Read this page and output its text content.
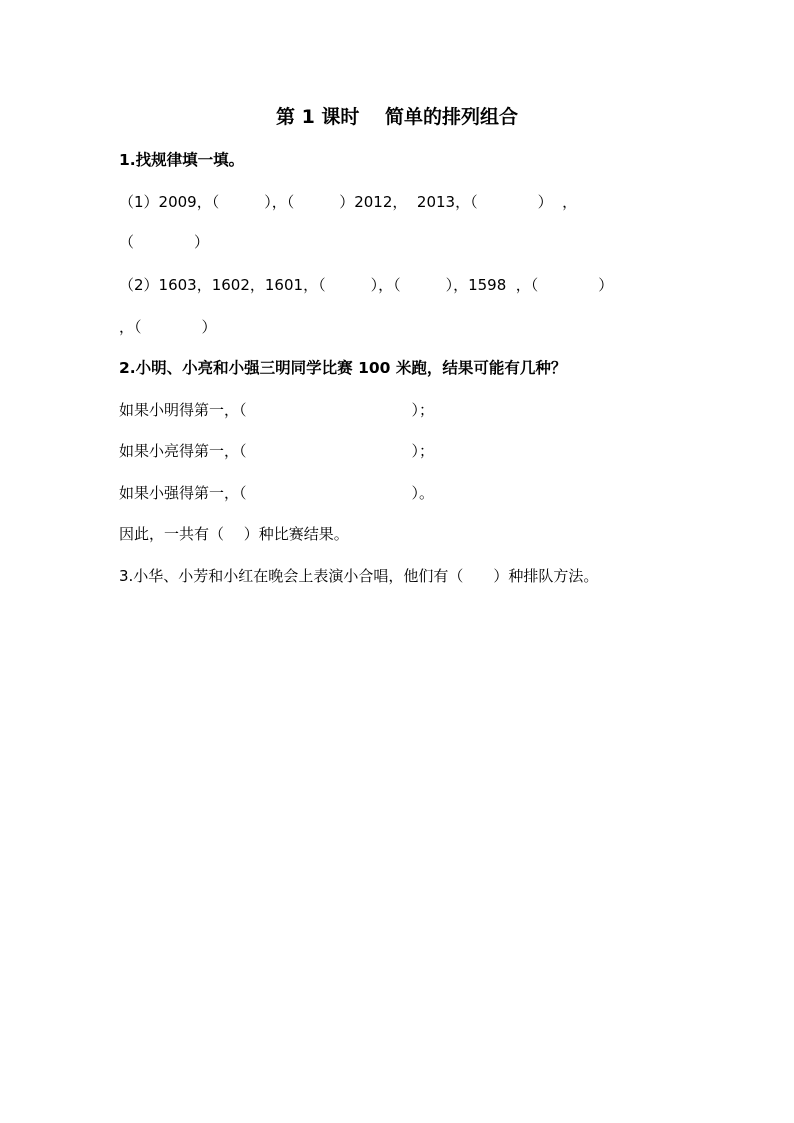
第 1 课时　 简单的排列组合
1.找规律填一填。
（1）2009，（　　　），（　　　）2012，  2013，（　　　　）  ，
（　　　　）
（2）1603，1602，1601，（　　　），（　　　），1598  ，（　　　　）
，（　　　　）
2.小明、小亮和小强三明同学比赛 100 米跑，结果可能有几种？
如果小明得第一，（　　　　　　　　　　　）；
如果小亮得第一，（　　　　　　　　　　　）；
如果小强得第一，（　　　　　　　　　　　）。
因此，一共有（　 ）种比赛结果。
3.小华、小芳和小红在晚会上表演小合唱，他们有（　　）种排队方法。
